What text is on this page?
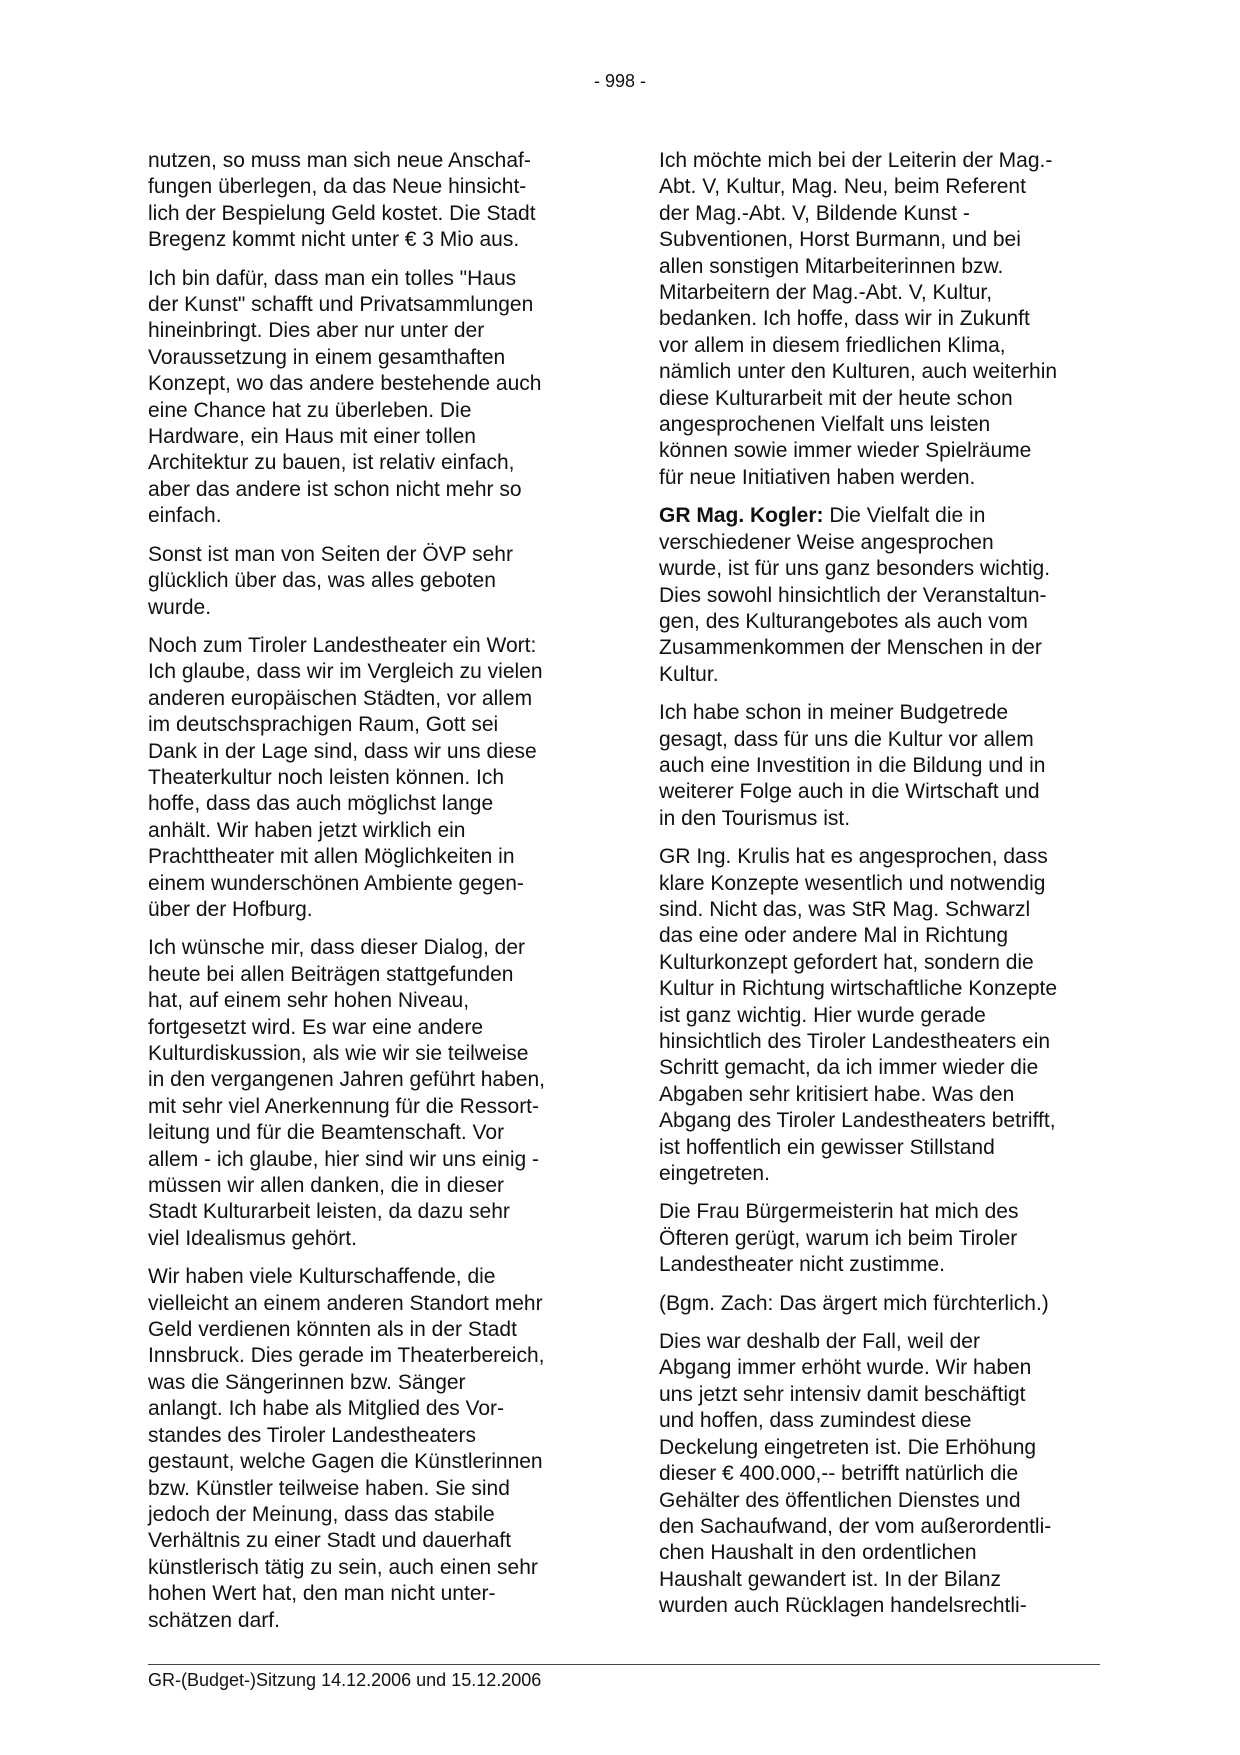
- 998 -

nutzen, so muss man sich neue Anschaf-
fungen überlegen, da das Neue hinsicht-
lich der Bespielung Geld kostet. Die Stadt
Bregenz kommt nicht unter € 3 Mio aus.

Ich bin dafür, dass man ein tolles "Haus
der Kunst" schafft und Privatsammlungen
hineinbringt. Dies aber nur unter der
Voraussetzung in einem gesamthaften
Konzept, wo das andere bestehende auch
eine Chance hat zu überleben. Die
Hardware, ein Haus mit einer tollen
Architektur zu bauen, ist relativ einfach,
aber das andere ist schon nicht mehr so
einfach.

Sonst ist man von Seiten der ÖVP sehr
glücklich über das, was alles geboten
wurde.

Noch zum Tiroler Landestheater ein Wort:
Ich glaube, dass wir im Vergleich zu vielen
anderen europäischen Städten, vor allem
im deutschsprachigen Raum, Gott sei
Dank in der Lage sind, dass wir uns diese
Theaterkultur noch leisten können. Ich
hoffe, dass das auch möglichst lange
anhält. Wir haben jetzt wirklich ein
Prachttheater mit allen Möglichkeiten in
einem wunderschönen Ambiente gegen-
über der Hofburg.

Ich wünsche mir, dass dieser Dialog, der
heute bei allen Beiträgen stattgefunden
hat, auf einem sehr hohen Niveau,
fortgesetzt wird. Es war eine andere
Kulturdiskussion, als wie wir sie teilweise
in den vergangenen Jahren geführt haben,
mit sehr viel Anerkennung für die Ressort-
leitung und für die Beamtenschaft. Vor
allem - ich glaube, hier sind wir uns einig -
müssen wir allen danken, die in dieser
Stadt Kulturarbeit leisten, da dazu sehr
viel Idealismus gehört.

Wir haben viele Kulturschaffende, die
vielleicht an einem anderen Standort mehr
Geld verdienen könnten als in der Stadt
Innsbruck. Dies gerade im Theaterbereich,
was die Sängerinnen bzw. Sänger
anlangt. Ich habe als Mitglied des Vor-
standes des Tiroler Landestheaters
gestaunt, welche Gagen die Künstlerinnen
bzw. Künstler teilweise haben. Sie sind
jedoch der Meinung, dass das stabile
Verhältnis zu einer Stadt und dauerhaft
künstlerisch tätig zu sein, auch einen sehr
hohen Wert hat, den man nicht unter-
schätzen darf.

Ich möchte mich bei der Leiterin der Mag.-
Abt. V, Kultur, Mag. Neu, beim Referent
der Mag.-Abt. V, Bildende Kunst -
Subventionen, Horst Burmann, und bei
allen sonstigen Mitarbeiterinnen bzw.
Mitarbeitern der Mag.-Abt. V, Kultur,
bedanken. Ich hoffe, dass wir in Zukunft
vor allem in diesem friedlichen Klima,
nämlich unter den Kulturen, auch weiterhin
diese Kulturarbeit mit der heute schon
angesprochenen Vielfalt uns leisten
können sowie immer wieder Spielräume
für neue Initiativen haben werden.

GR Mag. Kogler: Die Vielfalt die in
verschiedener Weise angesprochen
wurde, ist für uns ganz besonders wichtig.
Dies sowohl hinsichtlich der Veranstaltun-
gen, des Kulturangebotes als auch vom
Zusammenkommen der Menschen in der
Kultur.

Ich habe schon in meiner Budgetrede
gesagt, dass für uns die Kultur vor allem
auch eine Investition in die Bildung und in
weiterer Folge auch in die Wirtschaft und
in den Tourismus ist.

GR Ing. Krulis hat es angesprochen, dass
klare Konzepte wesentlich und notwendig
sind. Nicht das, was StR Mag. Schwarzl
das eine oder andere Mal in Richtung
Kulturkonzept gefordert hat, sondern die
Kultur in Richtung wirtschaftliche Konzepte
ist ganz wichtig. Hier wurde gerade
hinsichtlich des Tiroler Landestheaters ein
Schritt gemacht, da ich immer wieder die
Abgaben sehr kritisiert habe. Was den
Abgang des Tiroler Landestheaters betrifft,
ist hoffentlich ein gewisser Stillstand
eingetreten.

Die Frau Bürgermeisterin hat mich des
Öfteren gerügt, warum ich beim Tiroler
Landestheater nicht zustimme.

(Bgm. Zach: Das ärgert mich fürchterlich.)

Dies war deshalb der Fall, weil der
Abgang immer erhöht wurde. Wir haben
uns jetzt sehr intensiv damit beschäftigt
und hoffen, dass zumindest diese
Deckelung eingetreten ist. Die Erhöhung
dieser € 400.000,-- betrifft natürlich die
Gehälter des öffentlichen Dienstes und
den Sachaufwand, der vom außerordentli-
chen Haushalt in den ordentlichen
Haushalt gewandert ist. In der Bilanz
wurden auch Rücklagen handelsrechtli-

GR-(Budget-)Sitzung 14.12.2006 und 15.12.2006
